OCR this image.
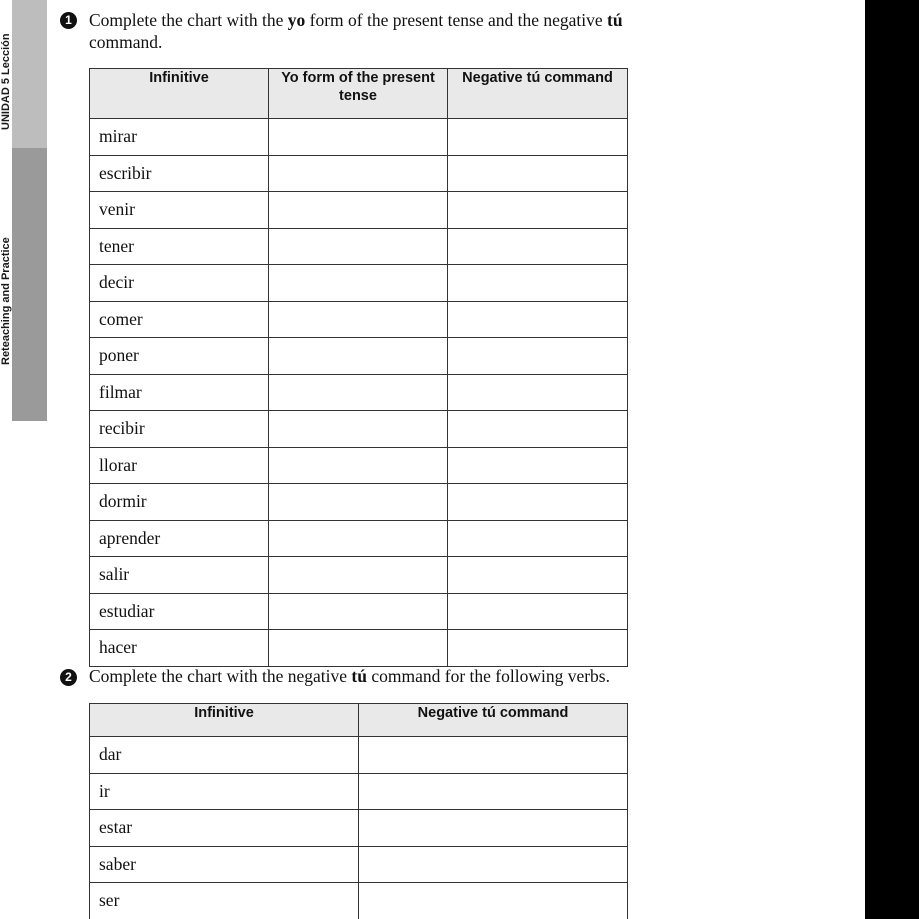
UNIDAD 5 Lección
Reteaching and Practice
1 Complete the chart with the yo form of the present tense and the negative tú command.
Infinitive	Yo form of the present tense	Negative tú command
mirar		
escribir		
venir		
tener		
decir		
comer		
poner		
filmar		
recibir		
llorar		
dormir		
aprender		
salir		
estudiar		
hacer		
2 Complete the chart with the negative tú command for the following verbs.
Infinitive	Negative tú command
dar	
ir	
estar	
saber	
ser	
